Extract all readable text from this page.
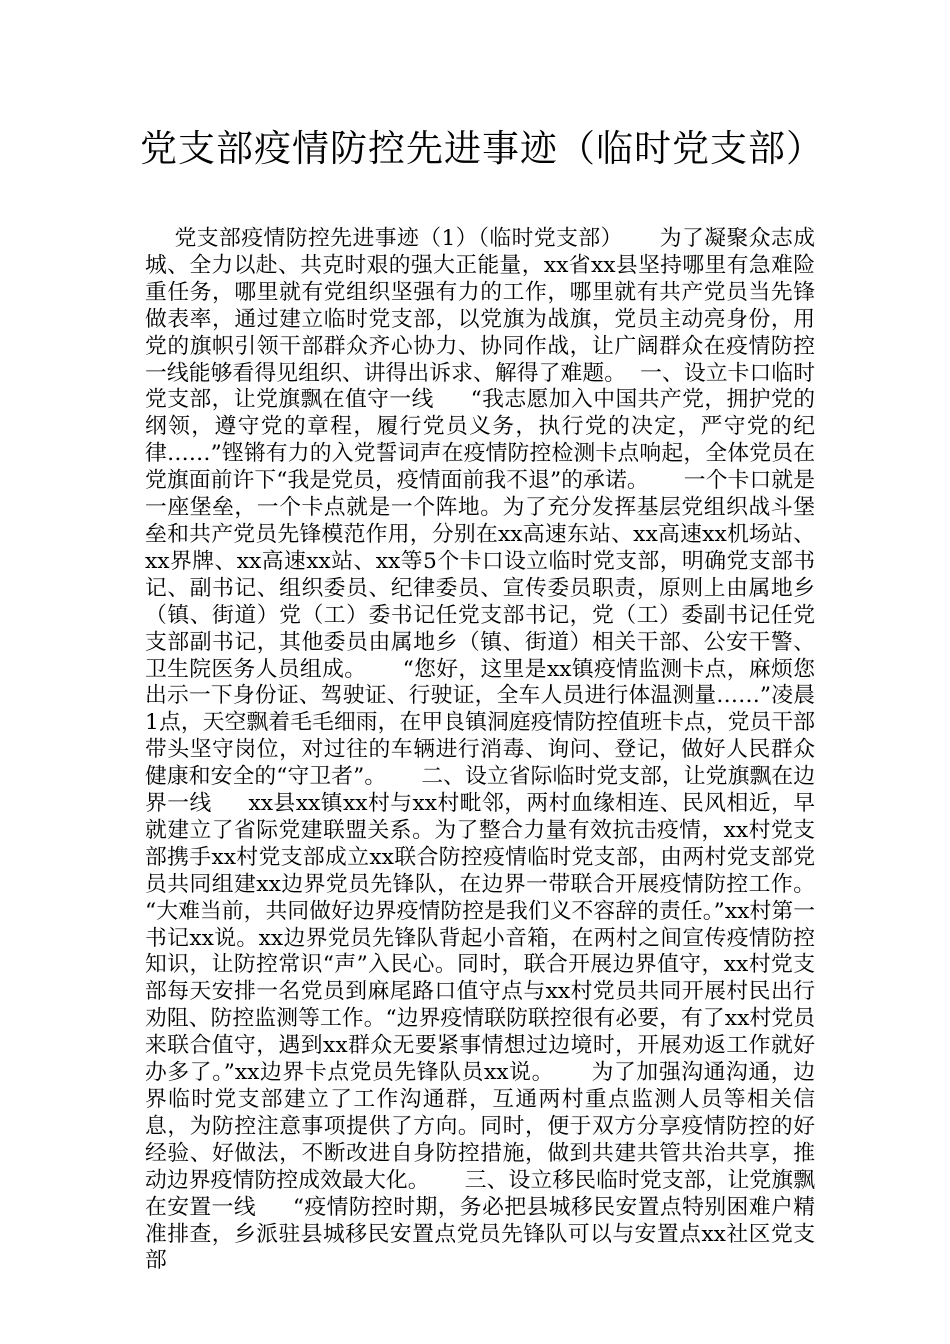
党支部疫情防控先进事迹（临时党支部）

党支部疫情防控先进事迹（1）（临时党支部）     为了凝聚众志成城、全力以赴、共克时艰的强大正能量，xx省xx县坚持哪里有急难险重任务，哪里就有党组织坚强有力的工作，哪里就有共产党员当先锋做表率，通过建立临时党支部，以党旗为战旗，党员主动亮身份，用党的旗帜引领干部群众齐心协力、协同作战，让广阔群众在疫情防控一线能够看得见组织、讲得出诉求、解得了难题。  一、设立卡口临时党支部，让党旗飘在值守一线     “我志愿加入中国共产党，拥护党的纲领，遵守党的章程，履行党员义务，执行党的决定，严守党的纪律……”铿锵有力的入党誓词声在疫情防控检测卡点响起，全体党员在党旗面前许下“我是党员，疫情面前我不退”的承诺。     一个卡口就是一座堡垒，一个卡点就是一个阵地。为了充分发挥基层党组织战斗堡垒和共产党员先锋模范作用，分别在xx高速东站、xx高速xx机场站、xx界牌、xx高速xx站、xx等5个卡口设立临时党支部，明确党支部书记、副书记、组织委员、纪律委员、宣传委员职责，原则上由属地乡（镇、街道）党（工）委书记任党支部书记，党（工）委副书记任党支部副书记，其他委员由属地乡（镇、街道）相关干部、公安干警、卫生院医务人员组成。     “您好，这里是xx镇疫情监测卡点，麻烦您出示一下身份证、驾驶证、行驶证，全车人员进行体温测量……”凌晨1点，天空飘着毛毛细雨，在甲良镇洞庭疫情防控值班卡点，党员干部带头坚守岗位，对过往的车辆进行消毒、询问、登记，做好人民群众健康和安全的“守卫者”。     二、设立省际临时党支部，让党旗飘在边界一线     xx县xx镇xx村与xx村毗邻，两村血缘相连、民风相近，早就建立了省际党建联盟关系。为了整合力量有效抗击疫情，xx村党支部携手xx村党支部成立xx联合防控疫情临时党支部，由两村党支部党员共同组建xx边界党员先锋队，在边界一带联合开展疫情防控工作。     “大难当前，共同做好边界疫情防控是我们义不容辞的责任。”xx村第一书记xx说。xx边界党员先锋队背起小音箱，在两村之间宣传疫情防控知识，让防控常识“声”入民心。同时，联合开展边界值守，xx村党支部每天安排一名党员到麻尾路口值守点与xx村党员共同开展村民出行劝阻、防控监测等工作。“边界疫情联防联控很有必要，有了xx村党员来联合值守，遇到xx群众无要紧事情想过边境时，开展劝返工作就好办多了。”xx边界卡点党员先锋队员xx说。     为了加强沟通沟通，边界临时党支部建立了工作沟通群，互通两村重点监测人员等相关信息，为防控注意事项提供了方向。同时，便于双方分享疫情防控的好经验、好做法，不断改进自身防控措施，做到共建共管共治共享，推动边界疫情防控成效最大化。     三、设立移民临时党支部，让党旗飘在安置一线     “疫情防控时期，务必把县城移民安置点特别困难户精准排查，乡派驻县城移民安置点党员先锋队可以与安置点xx社区党支部
